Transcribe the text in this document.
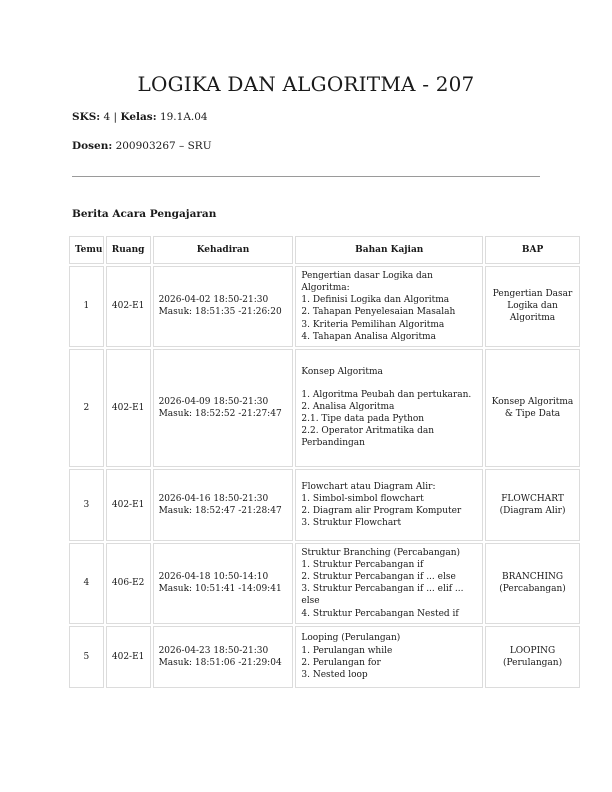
LOGIKA DAN ALGORITMA - 207
SKS: 4 | Kelas: 19.1A.04
Dosen: 200903267 – SRU
Berita Acara Pengajaran
Temu	Ruang	Kehadiran	Bahan Kajian	BAP
1	402-E1	2026-04-02 18:50-21:30
Masuk: 18:51:35 -21:26:20	Pengertian dasar Logika dan Algoritma:
1. Definisi Logika dan Algoritma
2. Tahapan Penyelesaian Masalah
3. Kriteria Pemilihan Algoritma
4. Tahapan Analisa Algoritma	Pengertian Dasar Logika dan Algoritma
2	402-E1	2026-04-09 18:50-21:30
Masuk: 18:52:52 -21:27:47	Konsep Algoritma
1. Algoritma Peubah dan pertukaran.
2. Analisa Algoritma
2.1. Tipe data pada Python
2.2. Operator Aritmatika dan Perbandingan	Konsep Algoritma & Tipe Data
3	402-E1	2026-04-16 18:50-21:30
Masuk: 18:52:47 -21:28:47	Flowchart atau Diagram Alir:
1. Simbol-simbol flowchart
2. Diagram alir Program Komputer
3. Struktur Flowchart	FLOWCHART (Diagram Alir)
4	406-E2	2026-04-18 10:50-14:10
Masuk: 10:51:41 -14:09:41	Struktur Branching (Percabangan)
1. Struktur Percabangan if
2. Struktur Percabangan if ... else
3. Struktur Percabangan if ... elif ... else
4. Struktur Percabangan Nested if	BRANCHING (Percabangan)
5	402-E1	2026-04-23 18:50-21:30
Masuk: 18:51:06 -21:29:04	Looping (Perulangan)
1. Perulangan while
2. Perulangan for
3. Nested loop	LOOPING (Perulangan)
